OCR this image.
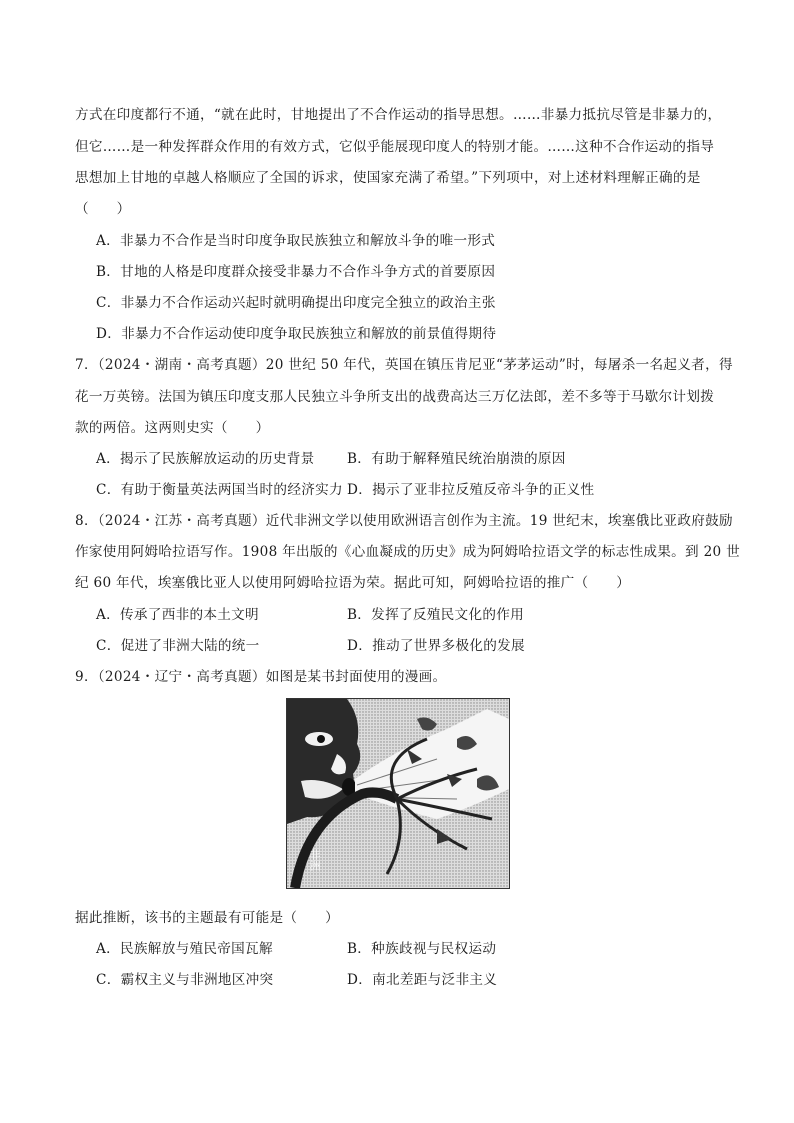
方式在印度都行不通，“就在此时，甘地提出了不合作运动的指导思想。……非暴力抵抗尽管是非暴力的，
但它……是一种发挥群众作用的有效方式，它似乎能展现印度人的特别才能。……这种不合作运动的指导
思想加上甘地的卓越人格顺应了全国的诉求，使国家充满了希望。”下列项中，对上述材料理解正确的是
（　　）
A．非暴力不合作是当时印度争取民族独立和解放斗争的唯一形式
B．甘地的人格是印度群众接受非暴力不合作斗争方式的首要原因
C．非暴力不合作运动兴起时就明确提出印度完全独立的政治主张
D．非暴力不合作运动使印度争取民族独立和解放的前景值得期待
7．（2024・湖南・高考真题）20 世纪 50 年代，英国在镇压肯尼亚“茅茅运动”时，每屠杀一名起义者，得
花一万英镑。法国为镇压印度支那人民独立斗争所支出的战费高达三万亿法郎，差不多等于马歇尔计划拨
款的两倍。这两则史实（　　）
A．揭示了民族解放运动的历史背景 B．有助于解释殖民统治崩溃的原因
C．有助于衡量英法两国当时的经济实力 D．揭示了亚非拉反殖反帝斗争的正义性
8．（2024・江苏・高考真题）近代非洲文学以使用欧洲语言创作为主流。19 世纪末，埃塞俄比亚政府鼓励
作家使用阿姆哈拉语写作。1908 年出版的《心血凝成的历史》成为阿姆哈拉语文学的标志性成果。到 20 世
纪 60 年代，埃塞俄比亚人以使用阿姆哈拉语为荣。据此可知，阿姆哈拉语的推广（　　）
A．传承了西非的本土文明	B．发挥了反殖民文化的作用
C．促进了非洲大陆的统一	D．推动了世界多极化的发展
9．（2024・辽宁・高考真题）如图是某书封面使用的漫画。
非洲
据此推断，该书的主题最有可能是（　　）
A．民族解放与殖民帝国瓦解	B．种族歧视与民权运动
C．霸权主义与非洲地区冲突	D．南北差距与泛非主义
